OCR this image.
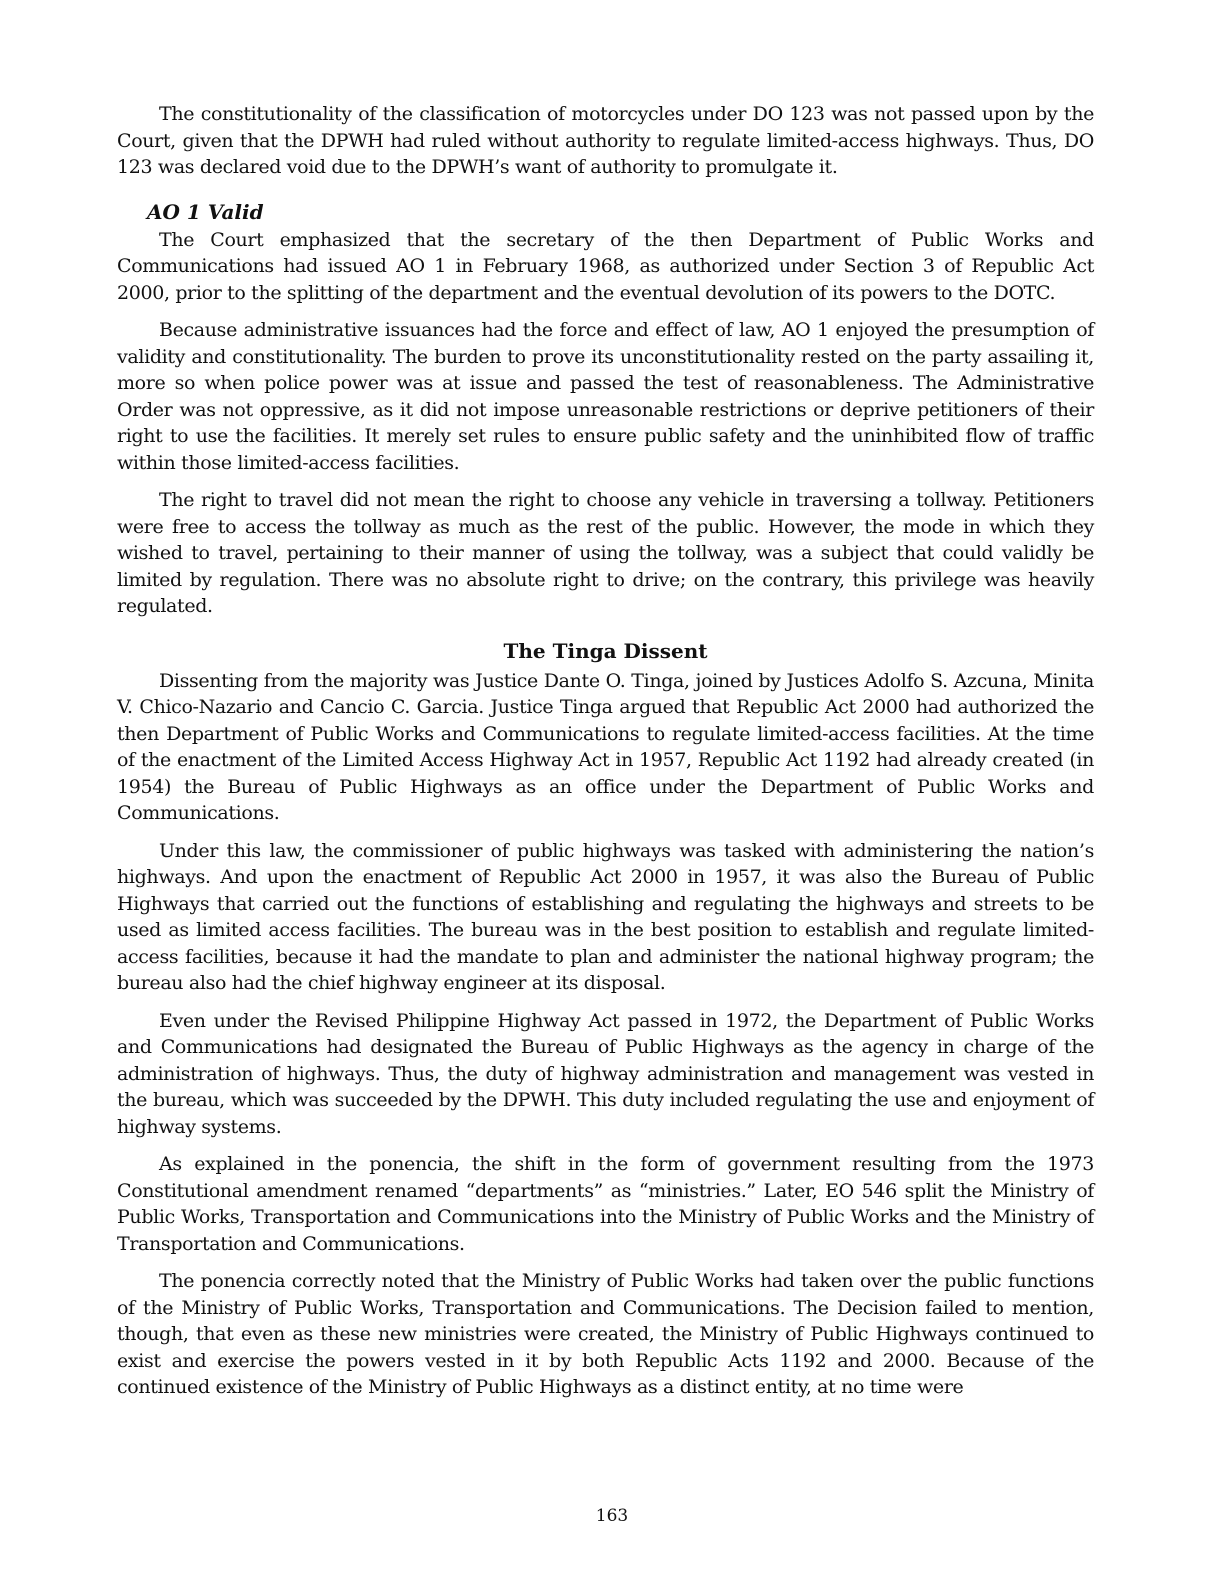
The constitutionality of the classification of motorcycles under DO 123 was not passed upon by the Court, given that the DPWH had ruled without authority to regulate limited-access highways. Thus, DO 123 was declared void due to the DPWH’s want of authority to promulgate it.

AO 1 Valid

The Court emphasized that the secretary of the then Department of Public Works and Communications had issued AO 1 in February 1968, as authorized under Section 3 of Republic Act 2000, prior to the splitting of the department and the eventual devolution of its powers to the DOTC.

Because administrative issuances had the force and effect of law, AO 1 enjoyed the presumption of validity and constitutionality. The burden to prove its unconstitutionality rested on the party assailing it, more so when police power was at issue and passed the test of reasonableness. The Administrative Order was not oppressive, as it did not impose unreasonable restrictions or deprive petitioners of their right to use the facilities. It merely set rules to ensure public safety and the uninhibited flow of traffic within those limited-access facilities.

The right to travel did not mean the right to choose any vehicle in traversing a tollway. Petitioners were free to access the tollway as much as the rest of the public. However, the mode in which they wished to travel, pertaining to their manner of using the tollway, was a subject that could validly be limited by regulation. There was no absolute right to drive; on the contrary, this privilege was heavily regulated.

The Tinga Dissent

Dissenting from the majority was Justice Dante O. Tinga, joined by Justices Adolfo S. Azcuna, Minita V. Chico-Nazario and Cancio C. Garcia. Justice Tinga argued that Republic Act 2000 had authorized the then Department of Public Works and Communications to regulate limited-access facilities. At the time of the enactment of the Limited Access Highway Act in 1957, Republic Act 1192 had already created (in 1954) the Bureau of Public Highways as an office under the Department of Public Works and Communications.

Under this law, the commissioner of public highways was tasked with administering the nation’s highways. And upon the enactment of Republic Act 2000 in 1957, it was also the Bureau of Public Highways that carried out the functions of establishing and regulating the highways and streets to be used as limited access facilities. The bureau was in the best position to establish and regulate limited-access facilities, because it had the mandate to plan and administer the national highway program; the bureau also had the chief highway engineer at its disposal.

Even under the Revised Philippine Highway Act passed in 1972, the Department of Public Works and Communications had designated the Bureau of Public Highways as the agency in charge of the administration of highways. Thus, the duty of highway administration and management was vested in the bureau, which was succeeded by the DPWH. This duty included regulating the use and enjoyment of highway systems.

As explained in the ponencia, the shift in the form of government resulting from the 1973 Constitutional amendment renamed “departments” as “ministries.” Later, EO 546 split the Ministry of Public Works, Transportation and Communications into the Ministry of Public Works and the Ministry of Transportation and Communications.

The ponencia correctly noted that the Ministry of Public Works had taken over the public functions of the Ministry of Public Works, Transportation and Communications. The Decision failed to mention, though, that even as these new ministries were created, the Ministry of Public Highways continued to exist and exercise the powers vested in it by both Republic Acts 1192 and 2000. Because of the continued existence of the Ministry of Public Highways as a distinct entity, at no time were

163
